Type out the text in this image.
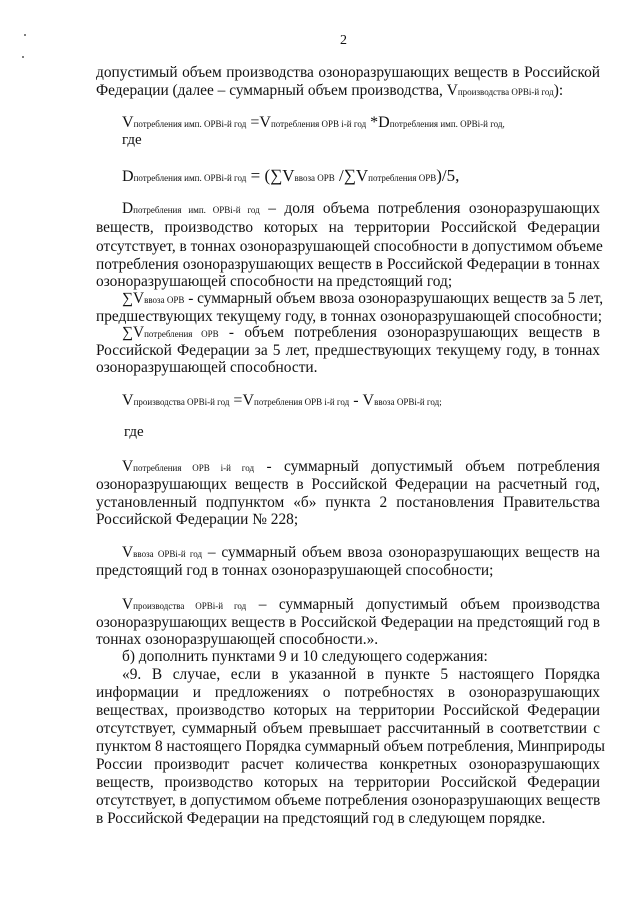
2
допустимый объем производства озоноразрушающих веществ в Российской
Федерации (далее – суммарный объем производства, Vпроизводства ОРВi-й год):
Vпотребления имп. ОРВi-й год =Vпотребления ОРВ i-й год *Dпотребления имп. ОРВi-й год,
где
Dпотребления имп. ОРВi-й год = (∑Vввоза ОРВ /∑Vпотребления ОРВ)/5,
Dпотребления имп. ОРВi-й год – доля объема потребления озоноразрушающих
веществ, производство которых на территории Российской Федерации
отсутствует, в тоннах озоноразрушающей способности в допустимом объеме
потребления озоноразрушающих веществ в Российской Федерации в тоннах
озоноразрушающей способности на предстоящий год;
∑Vввоза ОРВ - суммарный объем ввоза озоноразрушающих веществ за 5 лет,
предшествующих текущему году, в тоннах озоноразрушающей способности;
∑Vпотребления ОРВ - объем потребления озоноразрушающих веществ в
Российской Федерации за 5 лет, предшествующих текущему году, в тоннах
озоноразрушающей способности.
Vпроизводства ОРВi-й год =Vпотребления ОРВ i-й год - Vввоза ОРВi-й год;
где
Vпотребления ОРВ i-й год - суммарный допустимый объем потребления
озоноразрушающих веществ в Российской Федерации на расчетный год,
установленный подпунктом «б» пункта 2 постановления Правительства
Российской Федерации № 228;
Vввоза ОРВi-й год – суммарный объем ввоза озоноразрушающих веществ на
предстоящий год в тоннах озоноразрушающей способности;
Vпроизводства ОРВi-й год – суммарный допустимый объем производства
озоноразрушающих веществ в Российской Федерации на предстоящий год в
тоннах озоноразрушающей способности.».
б) дополнить пунктами 9 и 10 следующего содержания:
«9. В случае, если в указанной в пункте 5 настоящего Порядка
информации и предложениях о потребностях в озоноразрушающих
веществах, производство которых на территории Российской Федерации
отсутствует, суммарный объем превышает рассчитанный в соответствии с
пунктом 8 настоящего Порядка суммарный объем потребления, Минприроды
России производит расчет количества конкретных озоноразрушающих
веществ, производство которых на территории Российской Федерации
отсутствует, в допустимом объеме потребления озоноразрушающих веществ
в Российской Федерации на предстоящий год в следующем порядке.
